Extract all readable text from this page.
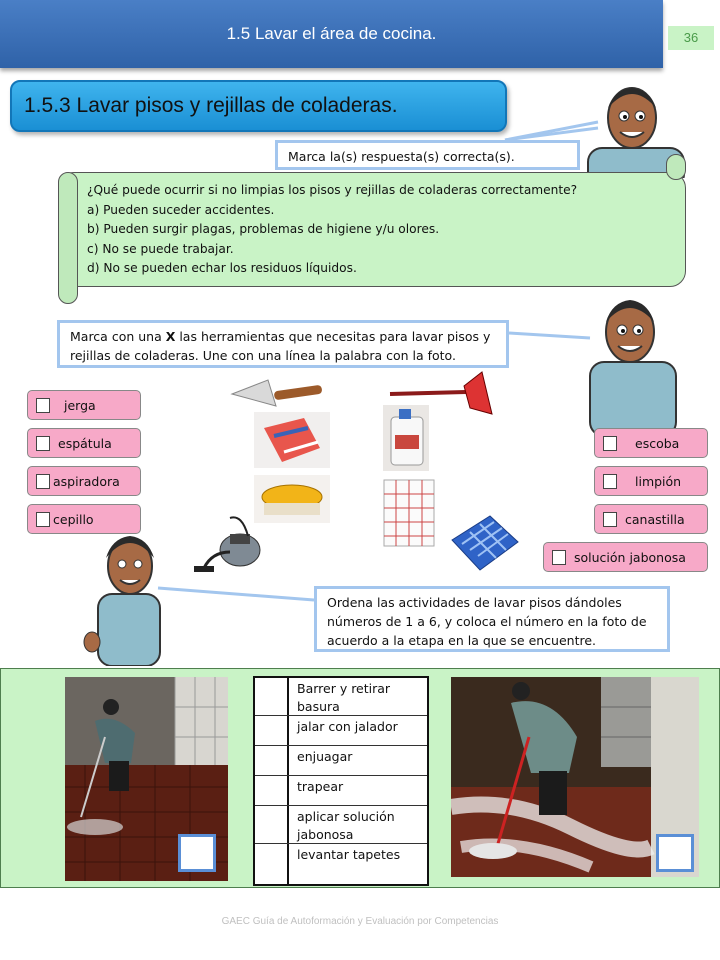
1.5 Lavar el área de cocina.	36
1.5.3 Lavar pisos y rejillas de coladeras.
Marca la(s) respuesta(s) correcta(s).
¿Qué puede ocurrir si no limpias los pisos y rejillas de coladeras correctamente?
a) Pueden suceder accidentes.
b) Pueden surgir plagas, problemas de higiene y/u olores.
c) No se puede trabajar.
d) No se pueden echar los residuos líquidos.
Marca con una X las herramientas que necesitas para lavar pisos y rejillas de coladeras. Une con una línea la palabra con la foto.
jerga
espátula
aspiradora
cepillo
escoba
limpión
canastilla
solución jabonosa
Ordena las actividades de lavar pisos dándoles números de 1 a 6, y coloca el número en la foto de acuerdo a la etapa en la que se encuentre.
Barrer y retirar basura
jalar con jalador
enjuagar
trapear
aplicar solución jabonosa
levantar tapetes
GAEC Guía de Autoformación y Evaluación por Competencias
